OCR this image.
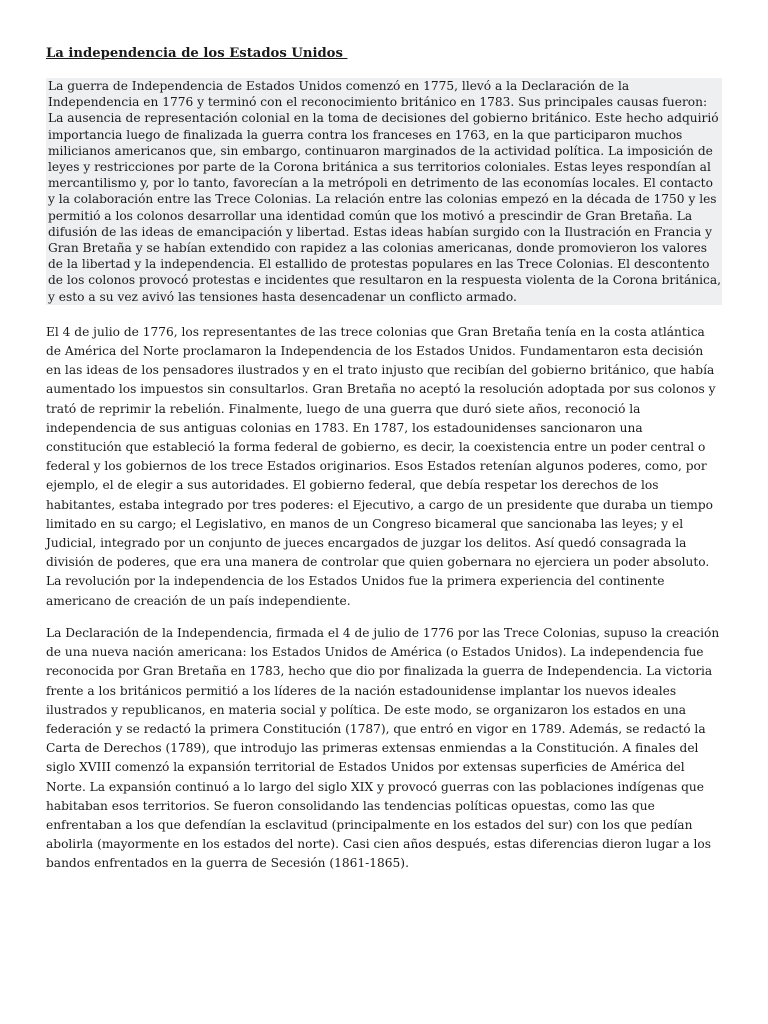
La independencia de los Estados Unidos

La guerra de Independencia de Estados Unidos comenzó en 1775, llevó a la Declaración de la Independencia en 1776 y terminó con el reconocimiento británico en 1783. Sus principales causas fueron:

La ausencia de representación colonial en la toma de decisiones del gobierno británico. Este hecho adquirió importancia luego de finalizada la guerra contra los franceses en 1763, en la que participaron muchos milicianos americanos que, sin embargo, continuaron marginados de la actividad política. La imposición de leyes y restricciones por parte de la Corona británica a sus territorios coloniales. Estas leyes respondían al mercantilismo y, por lo tanto, favorecían a la metrópoli en detrimento de las economías locales. El contacto y la colaboración entre las Trece Colonias. La relación entre las colonias empezó en la década de 1750 y les permitió a los colonos desarrollar una identidad común que los motivó a prescindir de Gran Bretaña. La difusión de las ideas de emancipación y libertad. Estas ideas habían surgido con la Ilustración en Francia y Gran Bretaña y se habían extendido con rapidez a las colonias americanas, donde promovieron los valores de la libertad y la independencia. El estallido de protestas populares en las Trece Colonias. El descontento de los colonos provocó protestas e incidentes que resultaron en la respuesta violenta de la Corona británica, y esto a su vez avivó las tensiones hasta desencadenar un conflicto armado.

El 4 de julio de 1776, los representantes de las trece colonias que Gran Bretaña tenía en la costa atlántica de América del Norte proclamaron la Independencia de los Estados Unidos. Fundamentaron esta decisión en las ideas de los pensadores ilustrados y en el trato injusto que recibían del gobierno británico, que había aumentado los impuestos sin consultarlos. Gran Bretaña no aceptó la resolución adoptada por sus colonos y trató de reprimir la rebelión. Finalmente, luego de una guerra que duró siete años, reconoció la independencia de sus antiguas colonias en 1783. En 1787, los estadounidenses sancionaron una constitución que estableció la forma federal de gobierno, es decir, la coexistencia entre un poder central o federal y los gobiernos de los trece Estados originarios. Esos Estados retenían algunos poderes, como, por ejemplo, el de elegir a sus autoridades. El gobierno federal, que debía respetar los derechos de los habitantes, estaba integrado por tres poderes: el Ejecutivo, a cargo de un presidente que duraba un tiempo limitado en su cargo; el Legislativo, en manos de un Congreso bicameral que sancionaba las leyes; y el Judicial, integrado por un conjunto de jueces encargados de juzgar los delitos. Así quedó consagrada la división de poderes, que era una manera de controlar que quien gobernara no ejerciera un poder absoluto. La revolución por la independencia de los Estados Unidos fue la primera experiencia del continente americano de creación de un país independiente.

La Declaración de la Independencia, firmada el 4 de julio de 1776 por las Trece Colonias, supuso la creación de una nueva nación americana: los Estados Unidos de América (o Estados Unidos). La independencia fue reconocida por Gran Bretaña en 1783, hecho que dio por finalizada la guerra de Independencia. La victoria frente a los británicos permitió a los líderes de la nación estadounidense implantar los nuevos ideales ilustrados y republicanos, en materia social y política. De este modo, se organizaron los estados en una federación y se redactó la primera Constitución (1787), que entró en vigor en 1789. Además, se redactó la Carta de Derechos (1789), que introdujo las primeras extensas enmiendas a la Constitución. A finales del siglo XVIII comenzó la expansión territorial de Estados Unidos por extensas superficies de América del Norte. La expansión continuó a lo largo del siglo XIX y provocó guerras con las poblaciones indígenas que habitaban esos territorios. Se fueron consolidando las tendencias políticas opuestas, como las que enfrentaban a los que defendían la esclavitud (principalmente en los estados del sur) con los que pedían abolirla (mayormente en los estados del norte). Casi cien años después, estas diferencias dieron lugar a los bandos enfrentados en la guerra de Secesión (1861-1865).
